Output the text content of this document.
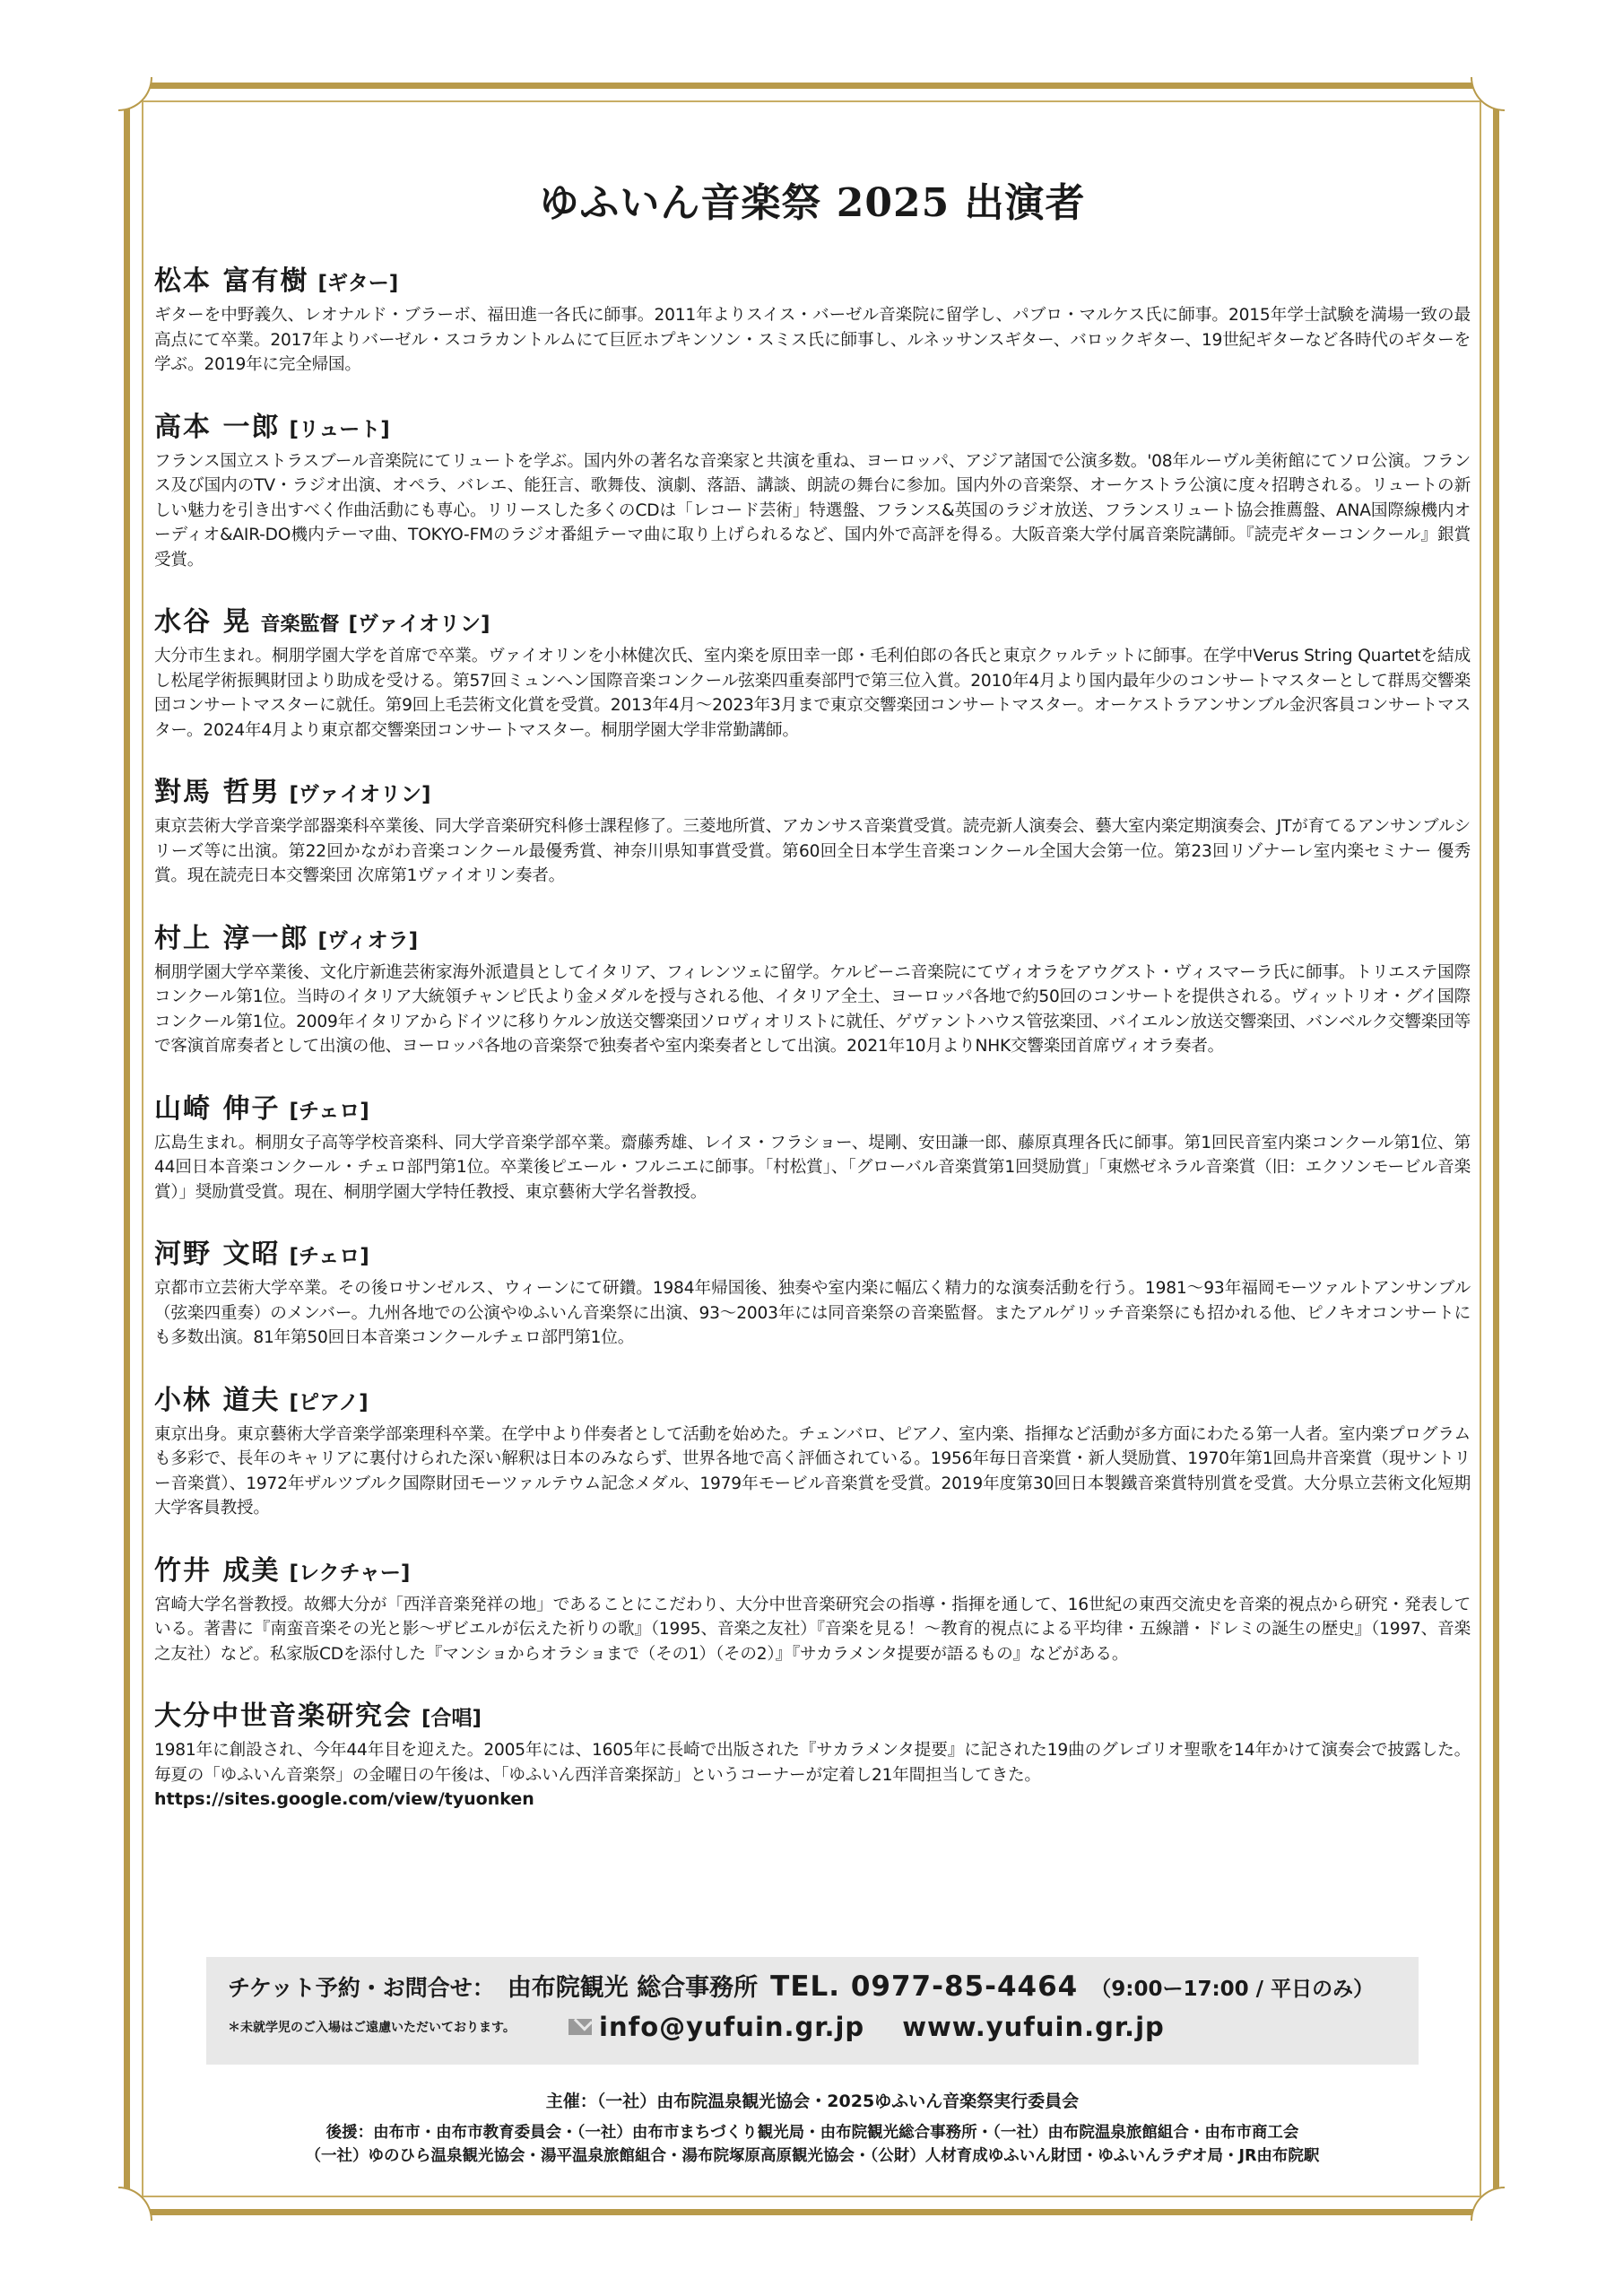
ゆふいん音楽祭 2025 出演者
松本 富有樹 [ギター]

ギターを中野義久、レオナルド・ブラーボ、福田進一各氏に師事。2011年よりスイス・バーゼル音楽院に留学し、パブロ・マルケス氏に師事。2015年学士試験を満場一致の最高点にて卒業。2017年よりバーゼル・スコラカントルムにて巨匠ホプキンソン・スミス氏に師事し、ルネッサンスギター、バロックギター、19世紀ギターなど各時代のギターを学ぶ。2019年に完全帰国。

高本 一郎 [リュート]

フランス国立ストラスブール音楽院にてリュートを学ぶ。国内外の著名な音楽家と共演を重ね、ヨーロッパ、アジア諸国で公演多数。'08年ルーヴル美術館にてソロ公演。フランス及び国内のTV・ラジオ出演、オペラ、バレエ、能狂言、歌舞伎、演劇、落語、講談、朗読の舞台に参加。国内外の音楽祭、オーケストラ公演に度々招聘される。リュートの新しい魅力を引き出すべく作曲活動にも専心。リリースした多くのCDは「レコード芸術」特選盤、フランス&英国のラジオ放送、フランスリュート協会推薦盤、ANA国際線機内オーディオ&AIR-DO機内テーマ曲、TOKYO-FMのラジオ番組テーマ曲に取り上げられるなど、国内外で高評を得る。大阪音楽大学付属音楽院講師。『読売ギターコンクール』銀賞受賞。

水谷 晃 音楽監督 [ヴァイオリン]

大分市生まれ。桐朋学園大学を首席で卒業。ヴァイオリンを小林健次氏、室内楽を原田幸一郎・毛利伯郎の各氏と東京クヮルテットに師事。在学中Verus String Quartetを結成し松尾学術振興財団より助成を受ける。第57回ミュンヘン国際音楽コンクール弦楽四重奏部門で第三位入賞。2010年4月より国内最年少のコンサートマスターとして群馬交響楽団コンサートマスターに就任。第9回上毛芸術文化賞を受賞。2013年4月～2023年3月まで東京交響楽団コンサートマスター。オーケストラアンサンブル金沢客員コンサートマスター。2024年4月より東京都交響楽団コンサートマスター。桐朋学園大学非常勤講師。

對馬 哲男 [ヴァイオリン]

東京芸術大学音楽学部器楽科卒業後、同大学音楽研究科修士課程修了。三菱地所賞、アカンサス音楽賞受賞。読売新人演奏会、藝大室内楽定期演奏会、JTが育てるアンサンブルシリーズ等に出演。第22回かながわ音楽コンクール最優秀賞、神奈川県知事賞受賞。第60回全日本学生音楽コンクール全国大会第一位。第23回リゾナーレ室内楽セミナー 優秀賞。現在読売日本交響楽団 次席第1ヴァイオリン奏者。

村上 淳一郎 [ヴィオラ]

桐朋学園大学卒業後、文化庁新進芸術家海外派遣員としてイタリア、フィレンツェに留学。ケルビーニ音楽院にてヴィオラをアウグスト・ヴィスマーラ氏に師事。トリエステ国際コンクール第1位。当時のイタリア大統領チャンピ氏より金メダルを授与される他、イタリア全土、ヨーロッパ各地で約50回のコンサートを提供される。ヴィットリオ・グイ国際コンクール第1位。2009年イタリアからドイツに移りケルン放送交響楽団ソロヴィオリストに就任、ゲヴァントハウス管弦楽団、バイエルン放送交響楽団、バンベルク交響楽団等で客演首席奏者として出演の他、ヨーロッパ各地の音楽祭で独奏者や室内楽奏者として出演。2021年10月よりNHK交響楽団首席ヴィオラ奏者。

山崎 伸子 [チェロ]

広島生まれ。桐朋女子高等学校音楽科、同大学音楽学部卒業。齋藤秀雄、レイヌ・フラショー、堤剛、安田謙一郎、藤原真理各氏に師事。第1回民音室内楽コンクール第1位、第44回日本音楽コンクール・チェロ部門第1位。卒業後ピエール・フルニエに師事。「村松賞」、「グローバル音楽賞第1回奨励賞」「東燃ゼネラル音楽賞（旧：エクソンモービル音楽賞）」奨励賞受賞。現在、桐朋学園大学特任教授、東京藝術大学名誉教授。

河野 文昭 [チェロ]

京都市立芸術大学卒業。その後ロサンゼルス、ウィーンにて研鑽。1984年帰国後、独奏や室内楽に幅広く精力的な演奏活動を行う。1981～93年福岡モーツァルトアンサンブル（弦楽四重奏）のメンバー。九州各地での公演やゆふいん音楽祭に出演、93～2003年には同音楽祭の音楽監督。またアルゲリッチ音楽祭にも招かれる他、ピノキオコンサートにも多数出演。81年第50回日本音楽コンクールチェロ部門第1位。

小林 道夫 [ピアノ]

東京出身。東京藝術大学音楽学部楽理科卒業。在学中より伴奏者として活動を始めた。チェンバロ、ピアノ、室内楽、指揮など活動が多方面にわたる第一人者。室内楽プログラムも多彩で、長年のキャリアに裏付けられた深い解釈は日本のみならず、世界各地で高く評価されている。1956年毎日音楽賞・新人奨励賞、1970年第1回鳥井音楽賞（現サントリー音楽賞）、1972年ザルツブルク国際財団モーツァルテウム記念メダル、1979年モービル音楽賞を受賞。2019年度第30回日本製鐵音楽賞特別賞を受賞。大分県立芸術文化短期大学客員教授。

竹井 成美 [レクチャー]

宮崎大学名誉教授。故郷大分が「西洋音楽発祥の地」であることにこだわり、大分中世音楽研究会の指導・指揮を通して、16世紀の東西交流史を音楽的視点から研究・発表している。著書に『南蛮音楽その光と影～ザビエルが伝えた祈りの歌』（1995、音楽之友社）『音楽を見る！～教育的視点による平均律・五線譜・ドレミの誕生の歴史』（1997、音楽之友社）など。私家版CDを添付した『マンショからオラショまで（その1）（その2）』『サカラメンタ提要が語るもの』などがある。

大分中世音楽研究会 [合唱]

1981年に創設され、今年44年目を迎えた。2005年には、1605年に長崎で出版された『サカラメンタ提要』に記された19曲のグレゴリオ聖歌を14年かけて演奏会で披露した。毎夏の「ゆふいん音楽祭」の金曜日の午後は、「ゆふいん西洋音楽探訪」というコーナーが定着し21年間担当してきた。

https://sites.google.com/view/tyuonken
チケット予約・お問合せ： 由布院観光 総合事務所 TEL. 0977-85-4464 （9:00ー17:00 / 平日のみ）
＊未就学児のご入場はご遠慮いただいております。	info@yufuin.gr.jp www.yufuin.gr.jp
主催：（一社）由布院温泉観光協会・2025ゆふいん音楽祭実行委員会
後援：由布市・由布市教育委員会・（一社）由布市まちづくり観光局・由布院観光総合事務所・（一社）由布院温泉旅館組合・由布市商工会
（一社）ゆのひら温泉観光協会・湯平温泉旅館組合・湯布院塚原高原観光協会・（公財）人材育成ゆふいん財団・ゆふいんラヂオ局・JR由布院駅
